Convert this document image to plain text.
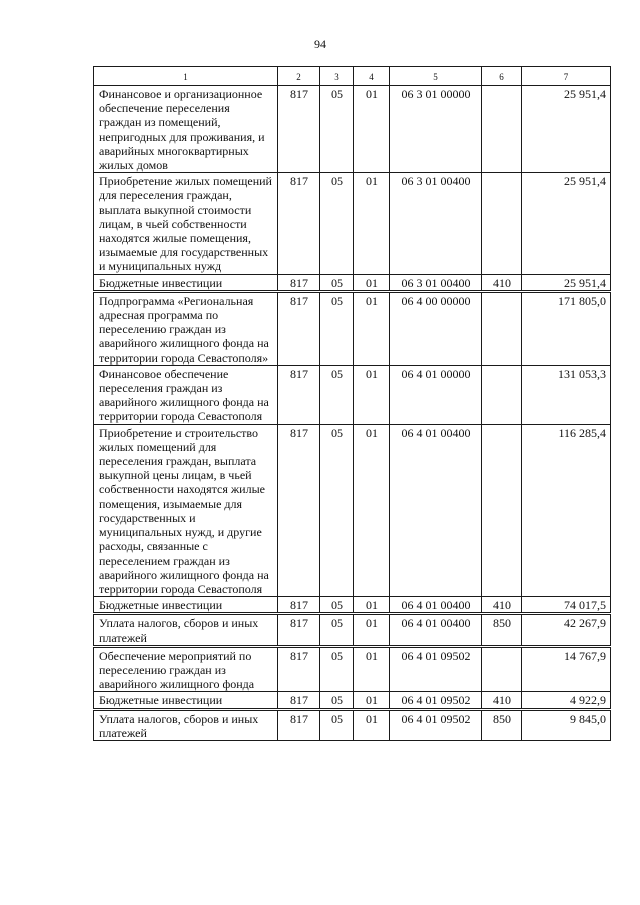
94
1	2	3	4	5	6	7
Финансовое и организационное обеспечение переселения граждан из помещений, непригодных для проживания, и аварийных многоквартирных жилых домов	817	05	01	06 3 01 00000		25 951,4
Приобретение жилых помещений для переселения граждан, выплата выкупной стоимости лицам, в чьей собственности находятся жилые помещения, изымаемые для государственных и муниципальных нужд	817	05	01	06 3 01 00400		25 951,4
Бюджетные инвестиции	817	05	01	06 3 01 00400	410	25 951,4
Подпрограмма «Региональная адресная программа по переселению граждан из аварийного жилищного фонда на территории города Севастополя»	817	05	01	06 4 00 00000		171 805,0
Финансовое обеспечение переселения граждан из аварийного жилищного фонда на территории города Севастополя	817	05	01	06 4 01 00000		131 053,3
Приобретение и строительство жилых помещений для переселения граждан, выплата выкупной цены лицам, в чьей собственности находятся жилые помещения, изымаемые для государственных и муниципальных нужд, и другие расходы, связанные с переселением граждан из аварийного жилищного фонда на территории города Севастополя	817	05	01	06 4 01 00400		116 285,4
Бюджетные инвестиции	817	05	01	06 4 01 00400	410	74 017,5
Уплата налогов, сборов и иных платежей	817	05	01	06 4 01 00400	850	42 267,9
Обеспечение мероприятий по переселению граждан из аварийного жилищного фонда	817	05	01	06 4 01 09502		14 767,9
Бюджетные инвестиции	817	05	01	06 4 01 09502	410	4 922,9
Уплата налогов, сборов и иных платежей	817	05	01	06 4 01 09502	850	9 845,0
